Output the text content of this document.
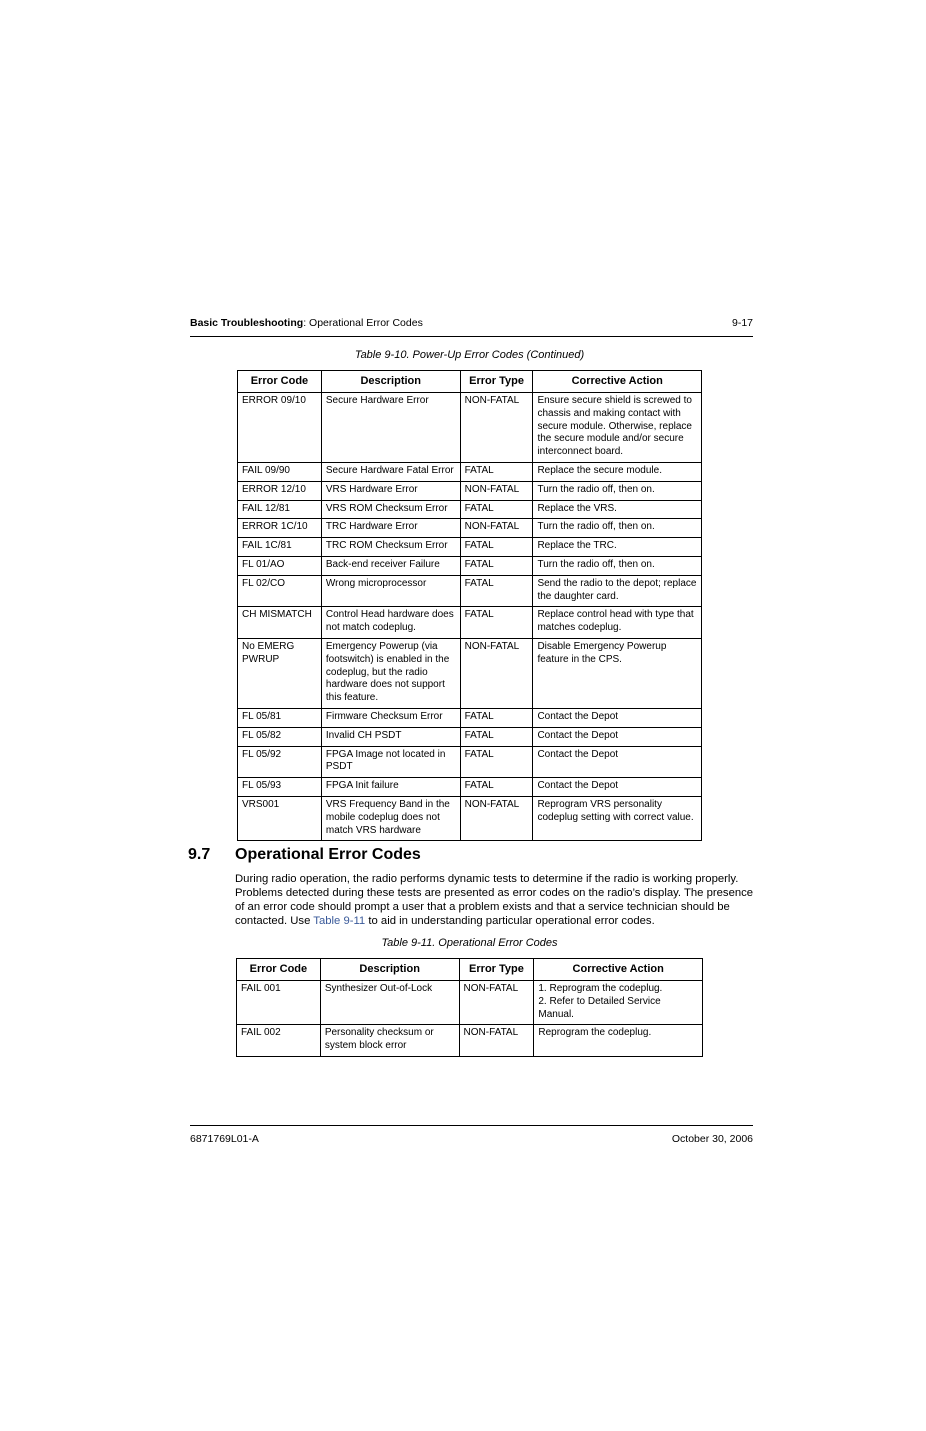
Basic Troubleshooting: Operational Error Codes	9-17
Table 9-10. Power-Up Error Codes (Continued)
Error Code	Description	Error Type	Corrective Action
ERROR 09/10	Secure Hardware Error	NON-FATAL	Ensure secure shield is screwed to chassis and making contact with secure module. Otherwise, replace the secure module and/or secure interconnect board.
FAIL 09/90	Secure Hardware Fatal Error	FATAL	Replace the secure module.
ERROR 12/10	VRS Hardware Error	NON-FATAL	Turn the radio off, then on.
FAIL 12/81	VRS ROM Checksum Error	FATAL	Replace the VRS.
ERROR 1C/10	TRC Hardware Error	NON-FATAL	Turn the radio off, then on.
FAIL 1C/81	TRC ROM Checksum Error	FATAL	Replace the TRC.
FL 01/AO	Back-end receiver Failure	FATAL	Turn the radio off, then on.
FL 02/CO	Wrong microprocessor	FATAL	Send the radio to the depot; replace the daughter card.
CH MISMATCH	Control Head hardware does not match codeplug.	FATAL	Replace control head with type that matches codeplug.
No EMERG PWRUP	Emergency Powerup (via footswitch) is enabled in the codeplug, but the radio hardware does not support this feature.	NON-FATAL	Disable Emergency Powerup feature in the CPS.
FL 05/81	Firmware Checksum Error	FATAL	Contact the Depot
FL 05/82	Invalid CH PSDT	FATAL	Contact the Depot
FL 05/92	FPGA Image not located in PSDT	FATAL	Contact the Depot
FL 05/93	FPGA Init failure	FATAL	Contact the Depot
VRS001	VRS Frequency Band in the mobile codeplug does not match VRS hardware	NON-FATAL	Reprogram VRS personality codeplug setting with correct value.
9.7 Operational Error Codes
During radio operation, the radio performs dynamic tests to determine if the radio is working properly. Problems detected during these tests are presented as error codes on the radio’s display. The presence of an error code should prompt a user that a problem exists and that a service technician should be contacted. Use Table 9-11 to aid in understanding particular operational error codes.
Table 9-11. Operational Error Codes
Error Code	Description	Error Type	Corrective Action
FAIL 001	Synthesizer Out-of-Lock	NON-FATAL	1. Reprogram the codeplug.
2. Refer to Detailed Service Manual.
FAIL 002	Personality checksum or system block error	NON-FATAL	Reprogram the codeplug.
6871769L01-A	October 30, 2006
